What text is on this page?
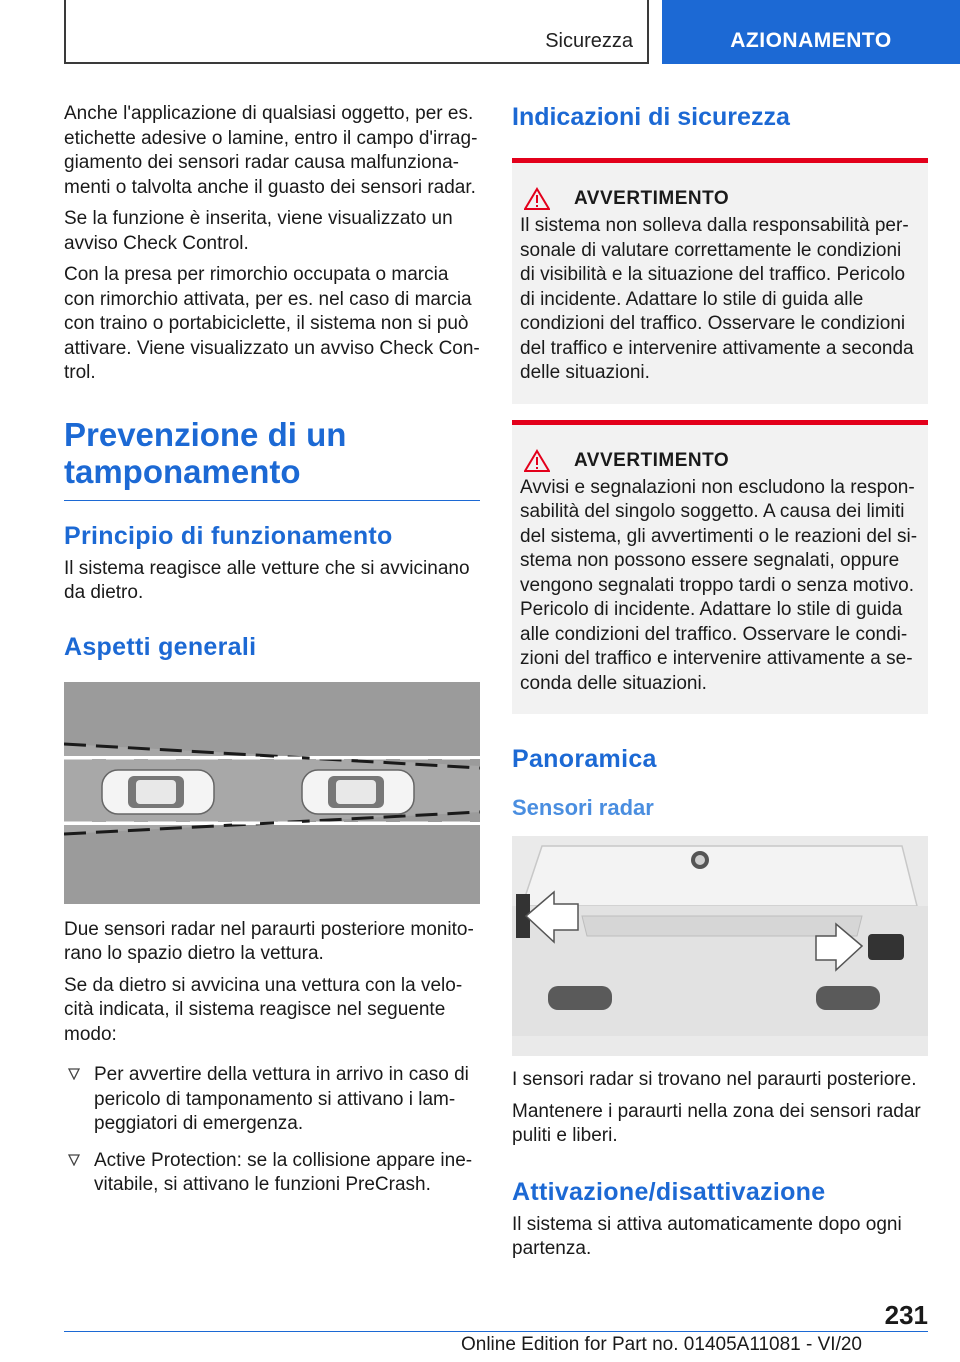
Sicurezza	AZIONAMENTO

Anche l'applicazione di qualsiasi oggetto, per es. etichette adesive o lamine, entro il campo d'irraggiamento dei sensori radar causa malfunzionamenti o talvolta anche il guasto dei sensori radar.

Se la funzione è inserita, viene visualizzato un avviso Check Control.

Con la presa per rimorchio occupata o marcia con rimorchio attivata, per es. nel caso di marcia con traino o portabiciclette, il sistema non si può attivare. Viene visualizzato un avviso Check Control.

Prevenzione di un tamponamento
Principio di funzionamento

Il sistema reagisce alle vetture che si avvicinano da dietro.

Aspetti generali

Due sensori radar nel paraurti posteriore monitorano lo spazio dietro la vettura.

Se da dietro si avvicina una vettura con la velocità indicata, il sistema reagisce nel seguente modo:

Per avvertire della vettura in arrivo in caso di pericolo di tamponamento si attivano i lampeggiatori di emergenza.
Active Protection: se la collisione appare inevitabile, si attivano le funzioni PreCrash.
Indicazioni di sicurezza
AVVERTIMENTO

Il sistema non solleva dalla responsabilità personale di valutare correttamente le condizioni di visibilità e la situazione del traffico. Pericolo di incidente. Adattare lo stile di guida alle condizioni del traffico. Osservare le condizioni del traffico e intervenire attivamente a seconda delle situazioni.

AVVERTIMENTO

Avvisi e segnalazioni non escludono la responsabilità del singolo soggetto. A causa dei limiti del sistema, gli avvertimenti o le reazioni del sistema non possono essere segnalati, oppure vengono segnalati troppo tardi o senza motivo. Pericolo di incidente. Adattare lo stile di guida alle condizioni del traffico. Osservare le condizioni del traffico e intervenire attivamente a seconda delle situazioni.

Panoramica
Sensori radar

I sensori radar si trovano nel paraurti posteriore.

Mantenere i paraurti nella zona dei sensori radar puliti e liberi.

Attivazione/disattivazione

Il sistema si attiva automaticamente dopo ogni partenza.

231
Online Edition for Part no. 01405A11081 - VI/20
